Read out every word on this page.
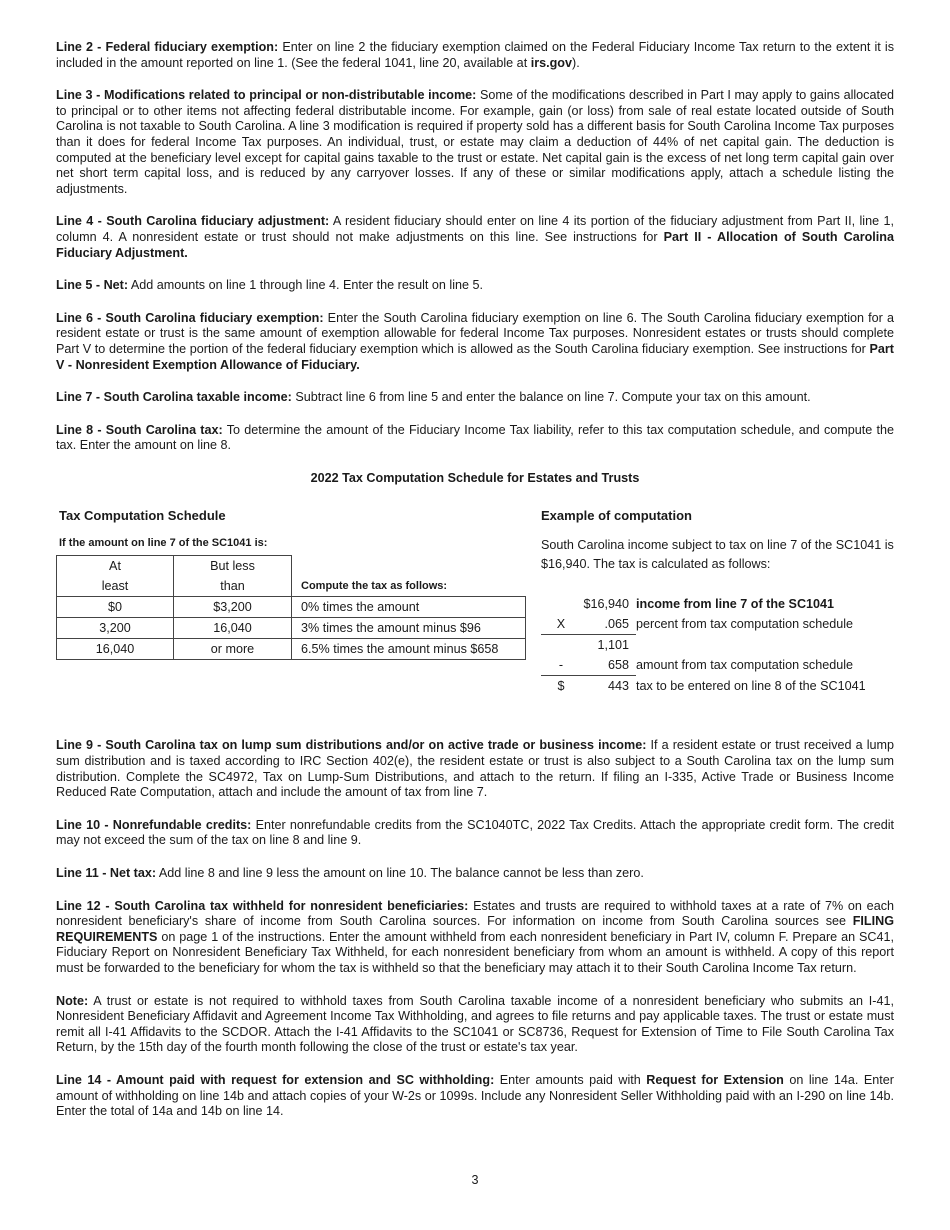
Line 2 - Federal fiduciary exemption: Enter on line 2 the fiduciary exemption claimed on the Federal Fiduciary Income Tax return to the extent it is included in the amount reported on line 1. (See the federal 1041, line 20, available at irs.gov).

Line 3 - Modifications related to principal or non-distributable income: Some of the modifications described in Part I may apply to gains allocated to principal or to other items not affecting federal distributable income. For example, gain (or loss) from sale of real estate located outside of South Carolina is not taxable to South Carolina. A line 3 modification is required if property sold has a different basis for South Carolina Income Tax purposes than it does for federal Income Tax purposes. An individual, trust, or estate may claim a deduction of 44% of net capital gain. The deduction is computed at the beneficiary level except for capital gains taxable to the trust or estate. Net capital gain is the excess of net long term capital gain over net short term capital loss, and is reduced by any carryover losses. If any of these or similar modifications apply, attach a schedule listing the adjustments.

Line 4 - South Carolina fiduciary adjustment: A resident fiduciary should enter on line 4 its portion of the fiduciary adjustment from Part II, line 1, column 4. A nonresident estate or trust should not make adjustments on this line. See instructions for Part II - Allocation of South Carolina Fiduciary Adjustment.

Line 5 - Net: Add amounts on line 1 through line 4. Enter the result on line 5.

Line 6 - South Carolina fiduciary exemption: Enter the South Carolina fiduciary exemption on line 6. The South Carolina fiduciary exemption for a resident estate or trust is the same amount of exemption allowable for federal Income Tax purposes. Nonresident estates or trusts should complete Part V to determine the portion of the federal fiduciary exemption which is allowed as the South Carolina fiduciary exemption. See instructions for Part V - Nonresident Exemption Allowance of Fiduciary.

Line 7 - South Carolina taxable income: Subtract line 6 from line 5 and enter the balance on line 7. Compute your tax on this amount.

Line 8 - South Carolina tax: To determine the amount of the Fiduciary Income Tax liability, refer to this tax computation schedule, and compute the tax. Enter the amount on line 8.

2022 Tax Computation Schedule for Estates and Trusts
Tax Computation Schedule
If the amount on line 7 of the SC1041 is:
At	But less	
least	than	Compute the tax as follows:
$0	$3,200	0% times the amount
3,200	16,040	3% times the amount minus $96
16,040	or more	6.5% times the amount minus $658
Example of computation
South Carolina income subject to tax on line 7 of the SC1041 is $16,940. The tax is calculated as follows:
	$16,940	income from line 7 of the SC1041
X	.065	percent from tax computation schedule
	1,101	
-	658	amount from tax computation schedule
$	443	tax to be entered on line 8 of the SC1041

Line 9 - South Carolina tax on lump sum distributions and/or on active trade or business income: If a resident estate or trust received a lump sum distribution and is taxed according to IRC Section 402(e), the resident estate or trust is also subject to a South Carolina tax on the lump sum distribution. Complete the SC4972, Tax on Lump-Sum Distributions, and attach to the return. If filing an I-335, Active Trade or Business Income Reduced Rate Computation, attach and include the amount of tax from line 7.

Line 10 - Nonrefundable credits: Enter nonrefundable credits from the SC1040TC, 2022 Tax Credits. Attach the appropriate credit form. The credit may not exceed the sum of the tax on line 8 and line 9.

Line 11 - Net tax: Add line 8 and line 9 less the amount on line 10. The balance cannot be less than zero.

Line 12 - South Carolina tax withheld for nonresident beneficiaries: Estates and trusts are required to withhold taxes at a rate of 7% on each nonresident beneficiary's share of income from South Carolina sources. For information on income from South Carolina sources see FILING REQUIREMENTS on page 1 of the instructions. Enter the amount withheld from each nonresident beneficiary in Part IV, column F. Prepare an SC41, Fiduciary Report on Nonresident Beneficiary Tax Withheld, for each nonresident beneficiary from whom an amount is withheld. A copy of this report must be forwarded to the beneficiary for whom the tax is withheld so that the beneficiary may attach it to their South Carolina Income Tax return.

Note: A trust or estate is not required to withhold taxes from South Carolina taxable income of a nonresident beneficiary who submits an I-41, Nonresident Beneficiary Affidavit and Agreement Income Tax Withholding, and agrees to file returns and pay applicable taxes. The trust or estate must remit all I-41 Affidavits to the SCDOR. Attach the I-41 Affidavits to the SC1041 or SC8736, Request for Extension of Time to File South Carolina Tax Return, by the 15th day of the fourth month following the close of the trust or estate's tax year.

Line 14 - Amount paid with request for extension and SC withholding: Enter amounts paid with Request for Extension on line 14a. Enter amount of withholding on line 14b and attach copies of your W-2s or 1099s. Include any Nonresident Seller Withholding paid with an I-290 on line 14b. Enter the total of 14a and 14b on line 14.

3
